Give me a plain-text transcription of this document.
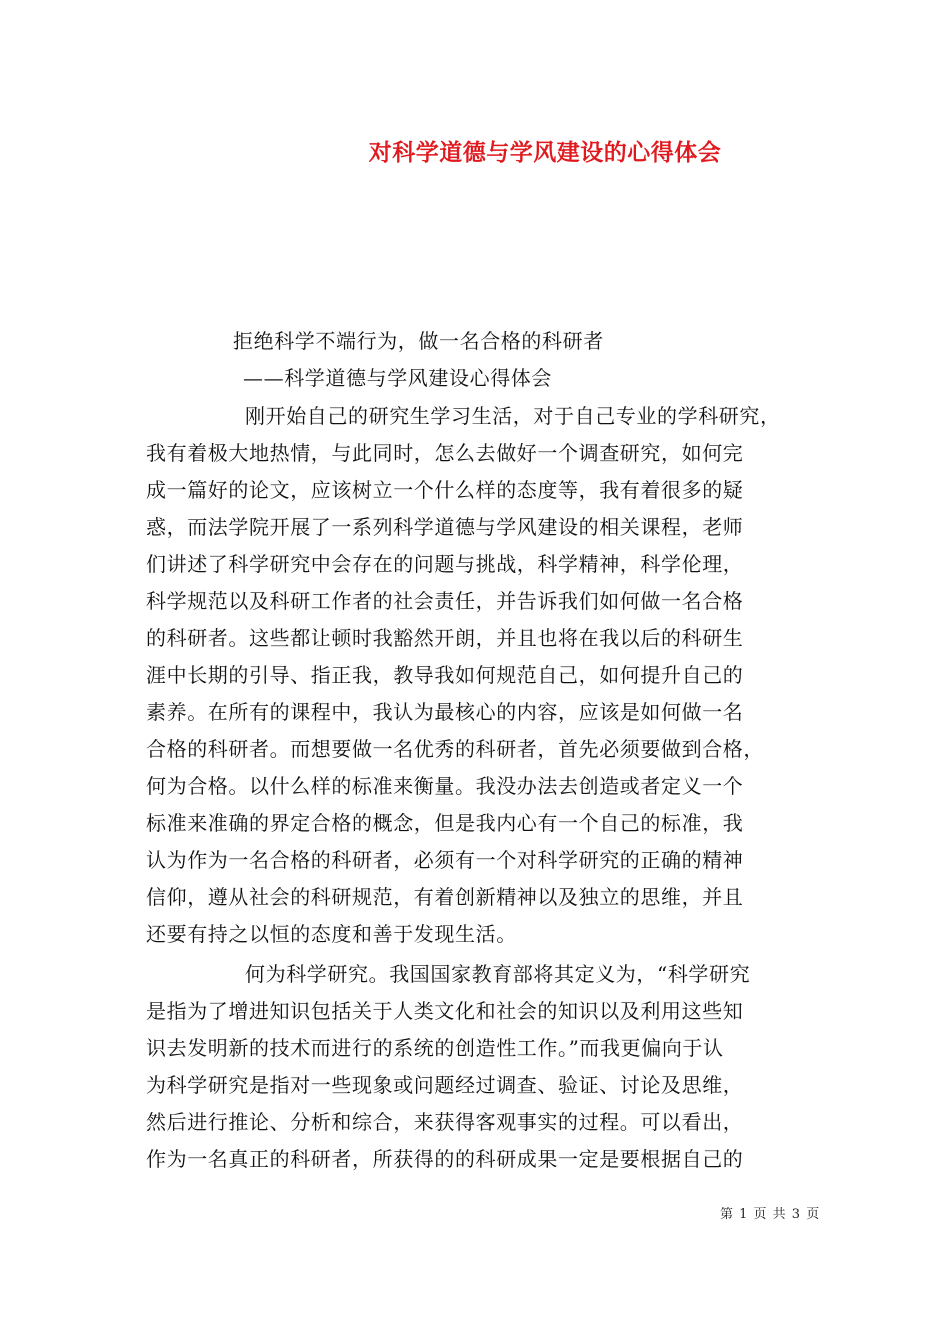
对科学道德与学风建设的心得体会
拒绝科学不端行为，做一名合格的科研者
——科学道德与学风建设心得体会
刚开始自己的研究生学习生活，对于自己专业的学科研究，
我有着极大地热情，与此同时，怎么去做好一个调查研究，如何完
成一篇好的论文，应该树立一个什么样的态度等，我有着很多的疑
惑，而法学院开展了一系列科学道德与学风建设的相关课程，老师
们讲述了科学研究中会存在的问题与挑战，科学精神，科学伦理，
科学规范以及科研工作者的社会责任，并告诉我们如何做一名合格
的科研者。这些都让顿时我豁然开朗，并且也将在我以后的科研生
涯中长期的引导、指正我，教导我如何规范自己，如何提升自己的
素养。在所有的课程中，我认为最核心的内容，应该是如何做一名
合格的科研者。而想要做一名优秀的科研者，首先必须要做到合格，
何为合格。以什么样的标准来衡量。我没办法去创造或者定义一个
标准来准确的界定合格的概念，但是我内心有一个自己的标准，我
认为作为一名合格的科研者，必须有一个对科学研究的正确的精神
信仰，遵从社会的科研规范，有着创新精神以及独立的思维，并且
还要有持之以恒的态度和善于发现生活。
何为科学研究。我国国家教育部将其定义为，“科学研究
是指为了增进知识包括关于人类文化和社会的知识以及利用这些知
识去发明新的技术而进行的系统的创造性工作。”而我更偏向于认
为科学研究是指对一些现象或问题经过调查、验证、讨论及思维，
然后进行推论、分析和综合，来获得客观事实的过程。可以看出，
作为一名真正的科研者，所获得的的科研成果一定是要根据自己的
第 1 页 共 3 页
